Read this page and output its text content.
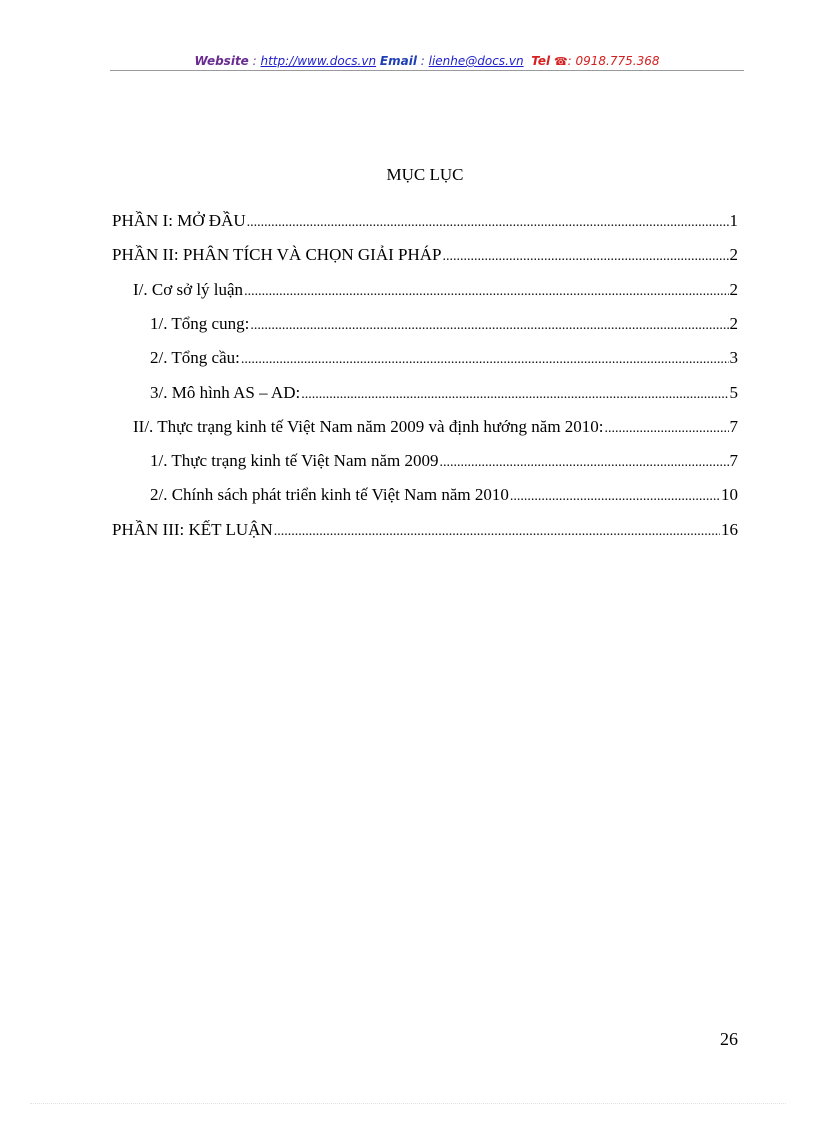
Website : http://www.docs.vn Email : lienhe@docs.vn Tel ☎: 0918.775.368
MỤC LỤC
PHẦN I: MỞ ĐẦU .....	1
PHẦN II: PHÂN TÍCH VÀ CHỌN GIẢI PHÁP .....	2
I/. Cơ sở lý luận .....	2
1/. Tổng cung: .....	2
2/. Tổng cầu: .....	3
3/. Mô hình AS – AD: .....	5
II/. Thực trạng kinh tế Việt Nam năm 2009 và định hướng năm 2010: .....	7
1/. Thực trạng kinh tế Việt Nam năm 2009 .....	7
2/. Chính sách phát triển kinh tế Việt Nam năm 2010 .....	10
PHẦN III: KẾT LUẬN .....	16
26
